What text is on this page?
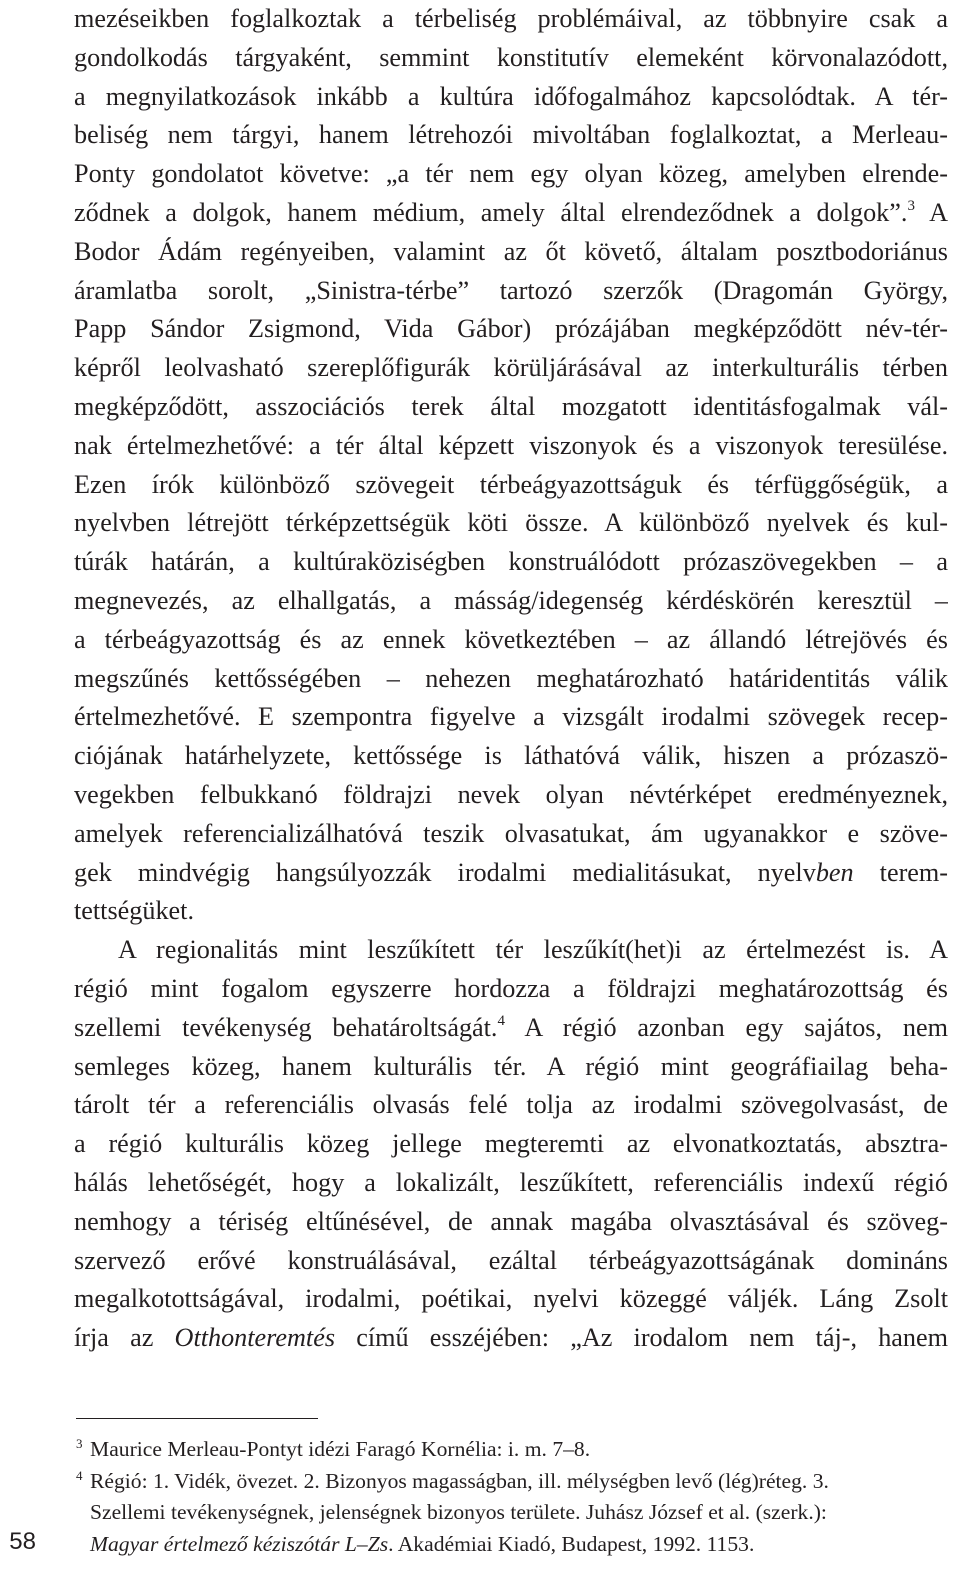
mezéseikben foglalkoztak a térbeliség problémáival, az többnyire csak a
gondolkodás tárgyaként, semmint konstitutív elemeként körvonalazódott,
a megnyilatkozások inkább a kultúra időfogalmához kapcsolódtak. A tér-
beliség nem tárgyi, hanem létrehozói mivoltában foglalkoztat, a Merleau-
Ponty gondolatot követve: „a tér nem egy olyan közeg, amelyben elrende-
ződnek a dolgok, hanem médium, amely által elrendeződnek a dolgok”.$^3$ A
Bodor Ádám regényeiben, valamint az őt követő, általam posztbodoriánus
áramlatba sorolt, „Sinistra-térbe” tartozó szerzők (Dragomán György,
Papp Sándor Zsigmond, Vida Gábor) prózájában megképződött név-tér-
képről leolvasható szereplőfigurák körüljárásával az interkulturális térben
megképződött, asszociációs terek által mozgatott identitásfogalmak vál-
nak értelmezhetővé: a tér által képzett viszonyok és a viszonyok teresülése.
Ezen írók különböző szövegeit térbeágyazottságuk és térfüggőségük, a
nyelvben létrejött térképzettségük köti össze. A különböző nyelvek és kul-
túrák határán, a kultúraköziségben konstruálódott prózaszövegekben – a
megnevezés, az elhallgatás, a másság/idegenség kérdéskörén keresztül –
a térbeágyazottság és az ennek következtében – az állandó létrejövés és
megszűnés kettősségében – nehezen meghatározható határidentitás válik
értelmezhetővé. E szempontra figyelve a vizsgált irodalmi szövegek recep-
ciójának határhelyzete, kettőssége is láthatóvá válik, hiszen a prózaszö-
vegekben felbukkanó földrajzi nevek olyan névtérképet eredményeznek,
amelyek referencializálhatóvá teszik olvasatukat, ám ugyanakkor e szöve-
gek mindvégig hangsúlyozzák irodalmi medialitásukat, nyelvben terem-
tettségüket.
A regionalitás mint leszűkített tér leszűkít(het)i az értelmezést is. A
régió mint fogalom egyszerre hordozza a földrajzi meghatározottság és
szellemi tevékenység behatároltságát.$^4$ A régió azonban egy sajátos, nem
semleges közeg, hanem kulturális tér. A régió mint geográfiailag beha-
tárolt tér a referenciális olvasás felé tolja az irodalmi szövegolvasást, de
a régió kulturális közeg jellege megteremti az elvonatkoztatás, absztra-
hálás lehetőségét, hogy a lokalizált, leszűkített, referenciális indexű régió
nemhogy a tériség eltűnésével, de annak magába olvasztásával és szöveg-
szervező erővé konstruálásával, ezáltal térbeágyazottságának domináns
megalkotottságával, irodalmi, poétikai, nyelvi közeggé váljék. Láng Zsolt
írja az Otthonteremtés című esszéjében: „Az irodalom nem táj-, hanem
3 Maurice Merleau-Pontyt idézi Faragó Kornélia: i. m. 7–8.
4 Régió: 1. Vidék, övezet. 2. Bizonyos magasságban, ill. mélységben levő (lég)réteg. 3.
Szellemi tevékenységnek, jelenségnek bizonyos területe. Juhász József et al. (szerk.):
Magyar értelmező kéziszótár L–Zs. Akadémiai Kiadó, Budapest, 1992. 1153.
58
